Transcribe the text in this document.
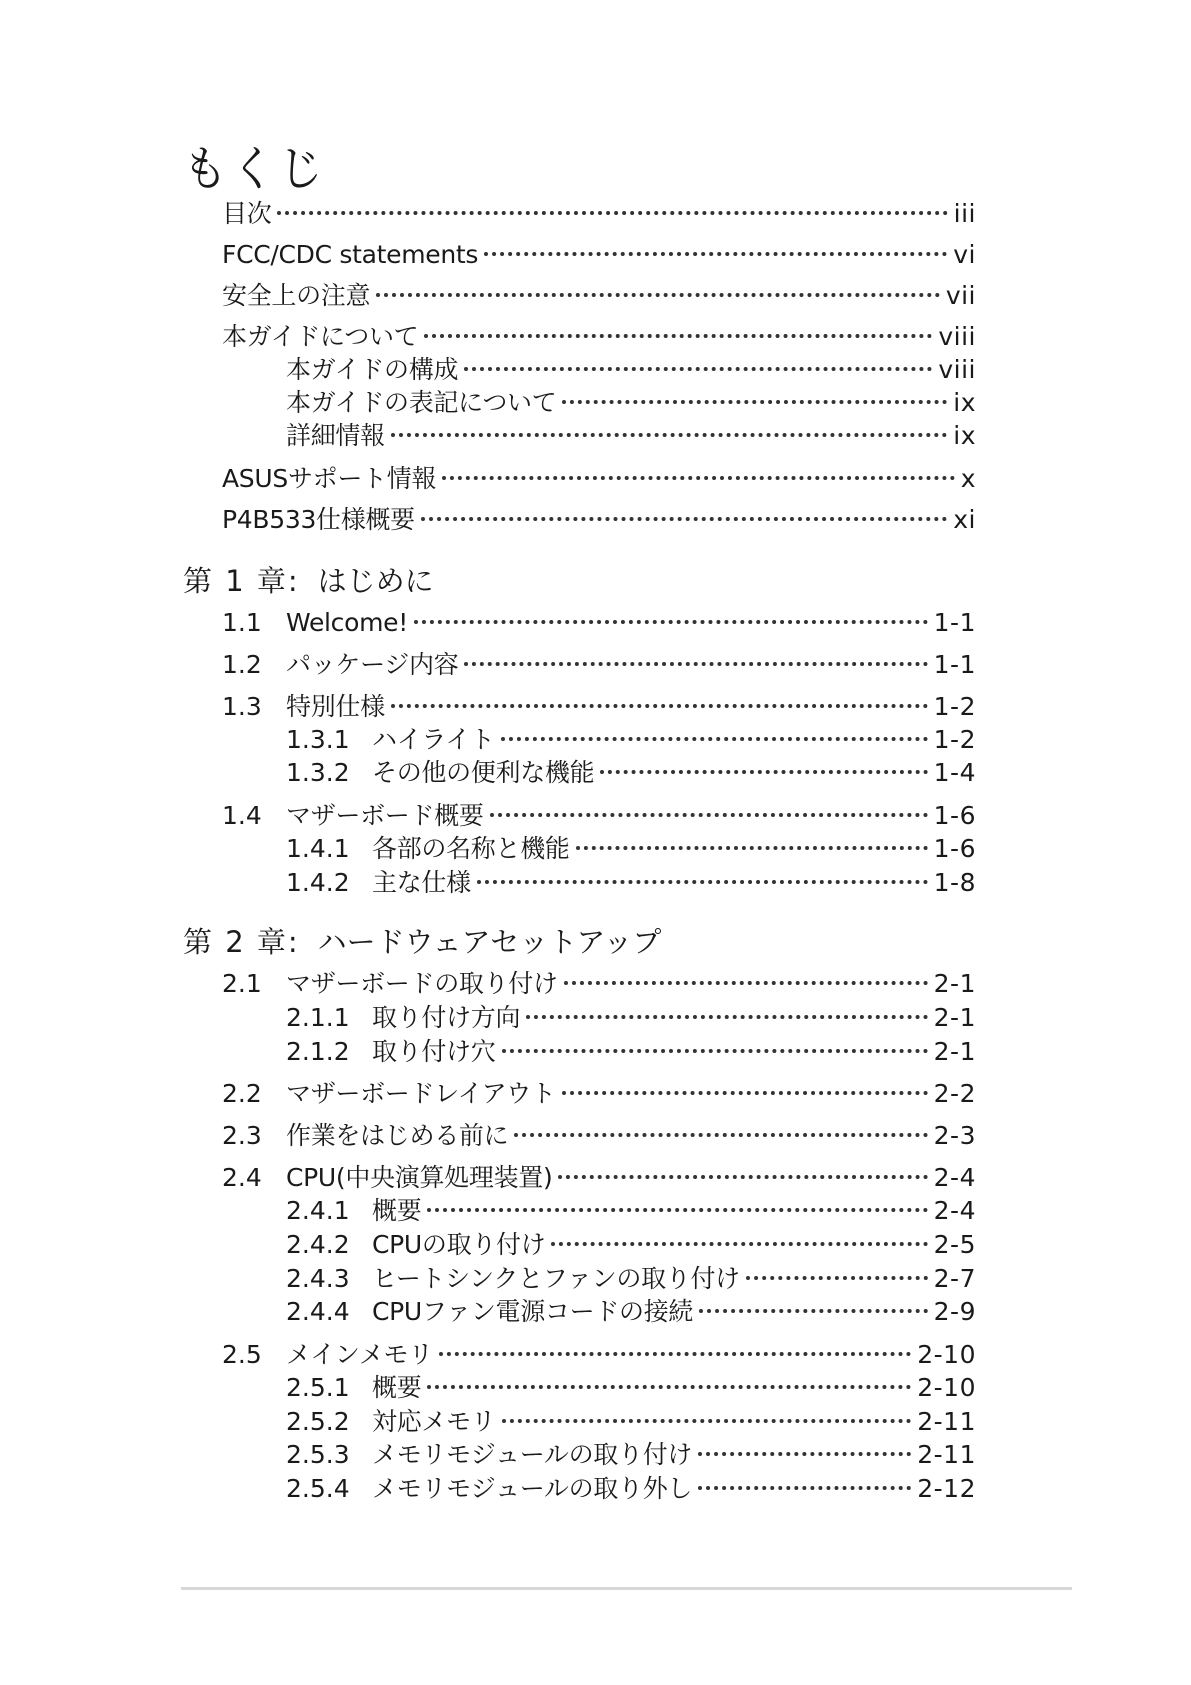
もくじ
目次	iii
FCC/CDC statements	vi
安全上の注意	vii
本ガイドについて	viii
本ガイドの構成	viii
本ガイドの表記について	ix
詳細情報	ix
ASUSサポート情報	x
P4B533仕様概要	xi
第 1 章: はじめに
1.1 Welcome!	1-1
1.2 パッケージ内容	1-1
1.3 特別仕様	1-2
1.3.1 ハイライト	1-2
1.3.2 その他の便利な機能	1-4
1.4 マザーボード概要	1-6
1.4.1 各部の名称と機能	1-6
1.4.2 主な仕様	1-8
第 2 章: ハードウェアセットアップ
2.1 マザーボードの取り付け	2-1
2.1.1 取り付け方向	2-1
2.1.2 取り付け穴	2-1
2.2 マザーボードレイアウト	2-2
2.3 作業をはじめる前に	2-3
2.4 CPU(中央演算処理装置)	2-4
2.4.1 概要	2-4
2.4.2 CPUの取り付け	2-5
2.4.3 ヒートシンクとファンの取り付け	2-7
2.4.4 CPUファン電源コードの接続	2-9
2.5 メインメモリ	2-10
2.5.1 概要	2-10
2.5.2 対応メモリ	2-11
2.5.3 メモリモジュールの取り付け	2-11
2.5.4 メモリモジュールの取り外し	2-12
